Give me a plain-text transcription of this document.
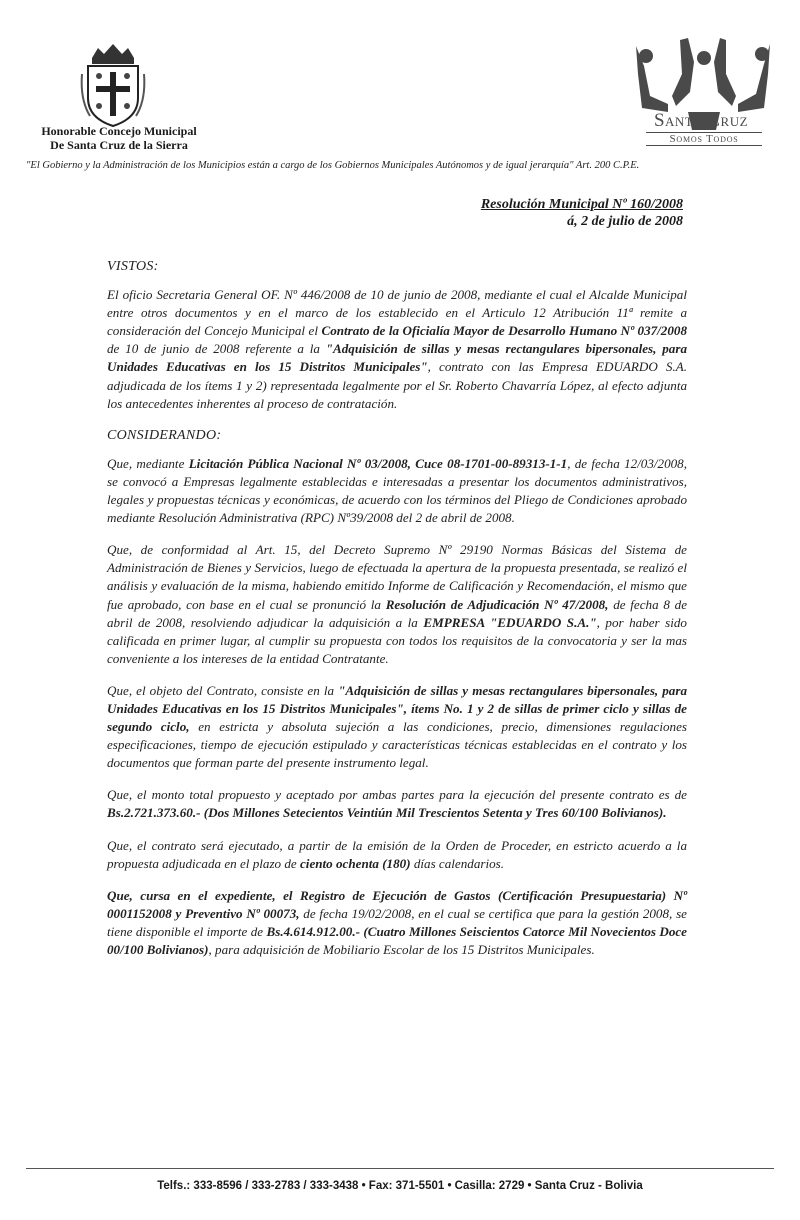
Honorable Concejo Municipal
De Santa Cruz de la Sierra
Santa Cruz
Somos Todos
"El Gobierno y la Administración de los Municipios están a cargo de los Gobiernos Municipales Autónomos y de igual jerarquía" Art. 200 C.P.E.
Resolución Municipal Nº 160/2008
á, 2 de julio de 2008
VISTOS:

El oficio Secretaria General OF. Nº 446/2008 de 10 de junio de 2008, mediante el cual el Alcalde Municipal entre otros documentos y en el marco de los establecido en el Articulo 12 Atribución 11ª remite a consideración del Concejo Municipal el Contrato de la Oficialía Mayor de Desarrollo Humano Nº 037/2008 de 10 de junio de 2008 referente a la "Adquisición de sillas y mesas rectangulares bipersonales, para Unidades Educativas en los 15 Distritos Municipales", contrato con las Empresa EDUARDO S.A. adjudicada de los ítems 1 y 2) representada legalmente por el Sr. Roberto Chavarría López, al efecto adjunta los antecedentes inherentes al proceso de contratación.

CONSIDERANDO:

Que, mediante Licitación Pública Nacional Nº 03/2008, Cuce 08-1701-00-89313-1-1, de fecha 12/03/2008, se convocó a Empresas legalmente establecidas e interesadas a presentar los documentos administrativos, legales y propuestas técnicas y económicas, de acuerdo con los términos del Pliego de Condiciones aprobado mediante Resolución Administrativa (RPC) Nº39/2008 del 2 de abril de 2008.

Que, de conformidad al Art. 15, del Decreto Supremo Nº 29190 Normas Básicas del Sistema de Administración de Bienes y Servicios, luego de efectuada la apertura de la propuesta presentada, se realizó el análisis y evaluación de la misma, habiendo emitido Informe de Calificación y Recomendación, el mismo que fue aprobado, con base en el cual se pronunció la Resolución de Adjudicación Nº 47/2008, de fecha 8 de abril de 2008, resolviendo adjudicar la adquisición a la EMPRESA "EDUARDO S.A.", por haber sido calificada en primer lugar, al cumplir su propuesta con todos los requisitos de la convocatoria y ser la mas conveniente a los intereses de la entidad Contratante.

Que, el objeto del Contrato, consiste en la "Adquisición de sillas y mesas rectangulares bipersonales, para Unidades Educativas en los 15 Distritos Municipales", ítems No. 1 y 2 de sillas de primer ciclo y sillas de segundo ciclo, en estricta y absoluta sujeción a las condiciones, precio, dimensiones regulaciones especificaciones, tiempo de ejecución estipulado y características técnicas establecidas en el contrato y los documentos que forman parte del presente instrumento legal.

Que, el monto total propuesto y aceptado por ambas partes para la ejecución del presente contrato es de Bs.2.721.373.60.- (Dos Millones Setecientos Veintiún Mil Trescientos Setenta y Tres 60/100 Bolivianos).

Que, el contrato será ejecutado, a partir de la emisión de la Orden de Proceder, en estricto acuerdo a la propuesta adjudicada en el plazo de ciento ochenta (180) días calendarios.

Que, cursa en el expediente, el Registro de Ejecución de Gastos (Certificación Presupuestaria) Nº 0001152008 y Preventivo Nº 00073, de fecha 19/02/2008, en el cual se certifica que para la gestión 2008, se tiene disponible el importe de Bs.4.614.912.00.- (Cuatro Millones Seiscientos Catorce Mil Novecientos Doce 00/100 Bolivianos), para adquisición de Mobiliario Escolar de los 15 Distritos Municipales.

Telfs.: 333-8596 / 333-2783 / 333-3438 • Fax: 371-5501 • Casilla: 2729 • Santa Cruz - Bolivia
